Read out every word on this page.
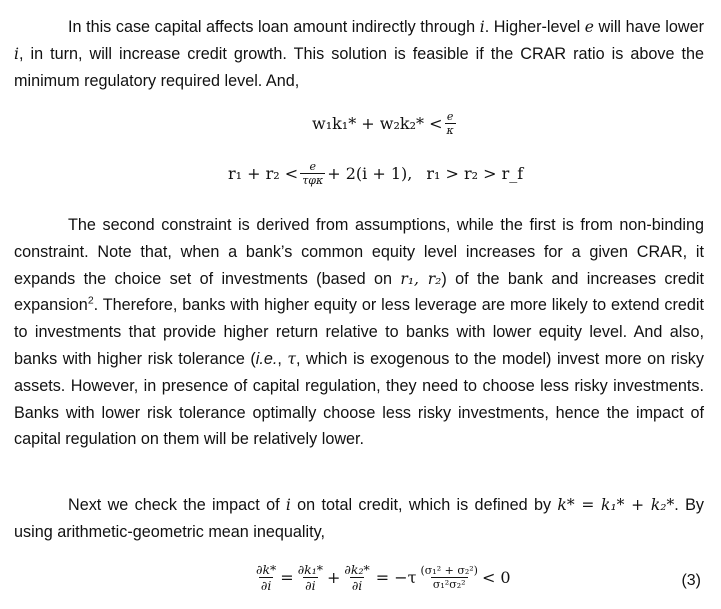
In this case capital affects loan amount indirectly through i. Higher-level e will have lower i, in turn, will increase credit growth. This solution is feasible if the CRAR ratio is above the minimum regulatory required level. And,
$w_1k_1* + w_2k_2* < \frac{e}{\kappa}$
$r_1 + r_2 < \frac{e}{\text{τφκ}} + 2(i + 1)$, r₁ > r₂ > r_f
The second constraint is derived from assumptions, while the first is from non-binding constraint. Note that, when a bank’s common equity level increases for a given CRAR, it expands the choice set of investments (based on r₁, r₂) of the bank and increases credit expansion$^2$. Therefore, banks with higher equity or less leverage are more likely to extend credit to investments that provide higher return relative to banks with lower equity level. And also, banks with higher risk tolerance (i.e., τ, which is exogenous to the model) invest more on risky assets. However, in presence of capital regulation, they need to choose less risky investments. Banks with lower risk tolerance optimally choose less risky investments, hence the impact of capital regulation on them will be relatively lower.
Next we check the impact of i on total credit, which is defined by k* = k₁* + k₂*. By using arithmetic-geometric mean inequality,
$\frac{\partial k*}{\partial i} = \frac{\text{∂k₁*}}{\partial i} + \frac{\text{∂k₂*}}{\partial i} = -\tau \frac{\text{(σ₁² + σ₂²)}}{\text{σ₁²σ₂²}} < 0$	(3)
